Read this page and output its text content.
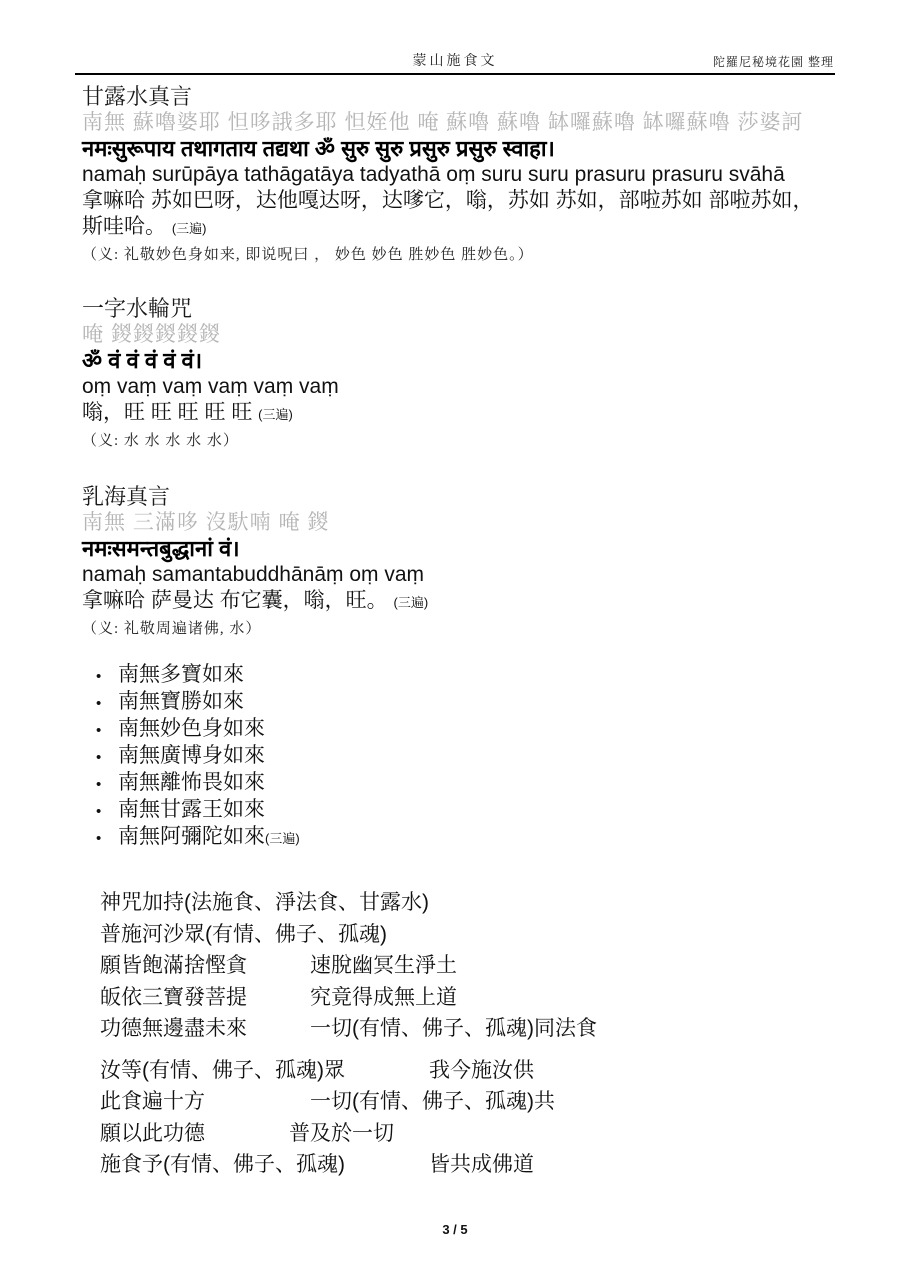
蒙山施食文	陀羅尼秘境花園 整理

甘露水真言

南無 蘇嚕婆耶 怛哆誐多耶 怛姪他 唵 蘇嚕 蘇嚕 缽囉蘇嚕 缽囉蘇嚕 莎婆訶

नमःसुरूपाय तथागताय तद्यथा ॐ सुरु सुरु प्रसुरु प्रसुरु स्वाहा।

namaḥ surūpāya tathāgatāya tadyathā oṃ suru suru prasuru prasuru svāhā

拿嘛哈 苏如巴呀，达他嘎达呀，达嗲它，嗡，苏如 苏如，部啦苏如 部啦苏如，

斯哇哈。 (三遍)

（义: 礼敬妙色身如来, 即说呪曰 ， 妙色 妙色 胜妙色 胜妙色。）

一字水輪咒

唵 鍐鍐鍐鍐鍐

ॐ वं वं वं वं वं।

oṃ vaṃ vaṃ vaṃ vaṃ vaṃ

嗡，旺 旺 旺 旺 旺 (三遍)

（义: 水 水 水 水 水）

乳海真言

南無 三滿哆 沒馱喃 唵 鍐

नमःसमन्तबुद्धानां वं।

namaḥ samantabuddhānāṃ oṃ vaṃ

拿嘛哈 萨曼达 布它囊，嗡，旺。 (三遍)

（义: 礼敬周遍诸佛, 水）

• 南無多寶如來
• 南無寶勝如來
• 南無妙色身如來
• 南無廣博身如來
• 南無離怖畏如來
• 南無甘露王如來
• 南無阿彌陀如來 (三遍)

神咒加持(法施食、淨法食、甘露水)

普施河沙眾(有情、佛子、孤魂)

願皆飽滿捨慳貪　　　速脫幽冥生淨土

皈依三寶發菩提　　　究竟得成無上道

功德無邊盡未來　　　一切(有情、佛子、孤魂)同法食

汝等(有情、佛子、孤魂)眾　　　　我今施汝供

此食遍十方　　　　　一切(有情、佛子、孤魂)共

願以此功德　　　　普及於一切

施食予(有情、佛子、孤魂)　　　　皆共成佛道

3 / 5
